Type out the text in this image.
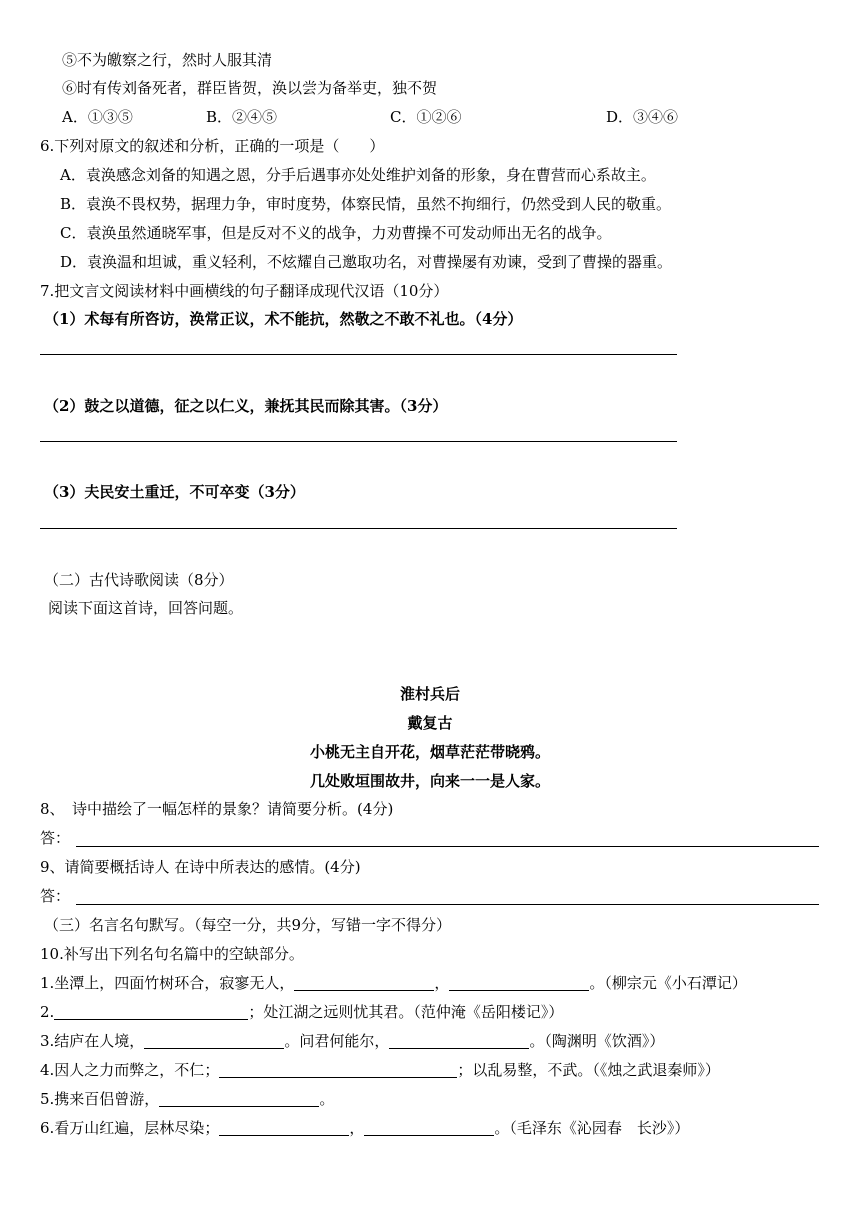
⑤不为皦察之行，然时人服其清
⑥时有传刘备死者，群臣皆贺，涣以尝为备举吏，独不贺
A．①③⑤	B．②④⑤	C．①②⑥	D．③④⑥
6.下列对原文的叙述和分析，正确的一项是（　　）
A．袁涣感念刘备的知遇之恩，分手后遇事亦处处维护刘备的形象，身在曹营而心系故主。
B．袁涣不畏权势，据理力争，审时度势，体察民情，虽然不拘细行，仍然受到人民的敬重。
C．袁涣虽然通晓军事，但是反对不义的战争，力劝曹操不可发动师出无名的战争。
D．袁涣温和坦诚，重义轻利，不炫耀自己邀取功名，对曹操屡有劝谏，受到了曹操的器重。
7.把文言文阅读材料中画横线的句子翻译成现代汉语（10分）
（1）术每有所咨访，涣常正议，术不能抗，然敬之不敢不礼也。（4分）
（2）鼓之以道德，征之以仁义，兼抚其民而除其害。（3分）
（3）夫民安土重迁，不可卒变（3分）
（二）古代诗歌阅读（8分）
阅读下面这首诗，回答问题。
淮村兵后
戴复古
小桃无主自开花，烟草茫茫带晓鸦。
几处败垣围故井，向来一一是人家。
8、　诗中描绘了一幅怎样的景象？请简要分析。(4分)
答：
9、请简要概括诗人 在诗中所表达的感情。(4分)
答：
（三）名言名句默写。（每空一分，共9分，写错一字不得分）
10.补写出下列名句名篇中的空缺部分。
1.坐潭上，四面竹树环合，寂寥无人，	，	。（柳宗元《小石潭记）
2.	；处江湖之远则忧其君。（范仲淹《岳阳楼记》）
3.结庐在人境，	。问君何能尔，	。（陶渊明《饮酒》）
4.因人之力而弊之，不仁；	；以乱易整，不武。（《烛之武退秦师》）
5.携来百侣曾游，	。
6.看万山红遍，层林尽染；	，	。（毛泽东《沁园春　长沙》）
